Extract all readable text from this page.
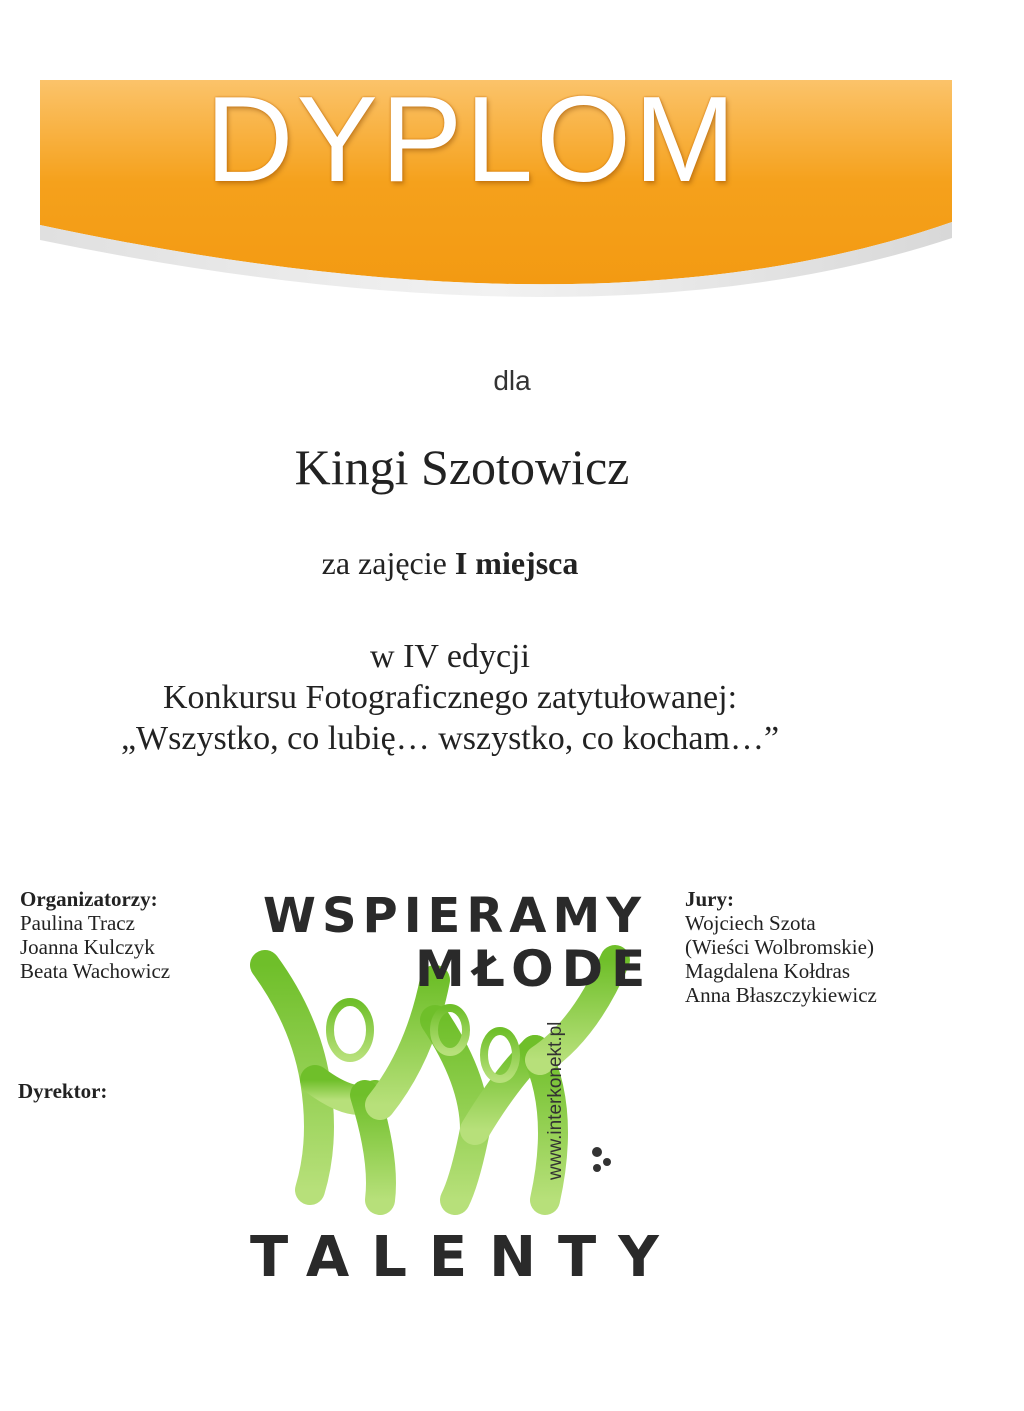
DYPLOM
dla
Kingi Szotowicz
za zajęcie I miejsca
w IV edycji
Konkursu Fotograficznego zatytułowanej:
„Wszystko, co lubię… wszystko, co kocham…”
Organizatorzy:
Paulina Tracz
Joanna Kulczyk
Beata Wachowicz
Dyrektor:
Jury:
Wojciech Szota
(Wieści Wolbromskie)
Magdalena Kołdras
Anna Błaszczykiewicz
WSPIERAMY
MŁODE
TALENTY
www.interkonekt.pl
